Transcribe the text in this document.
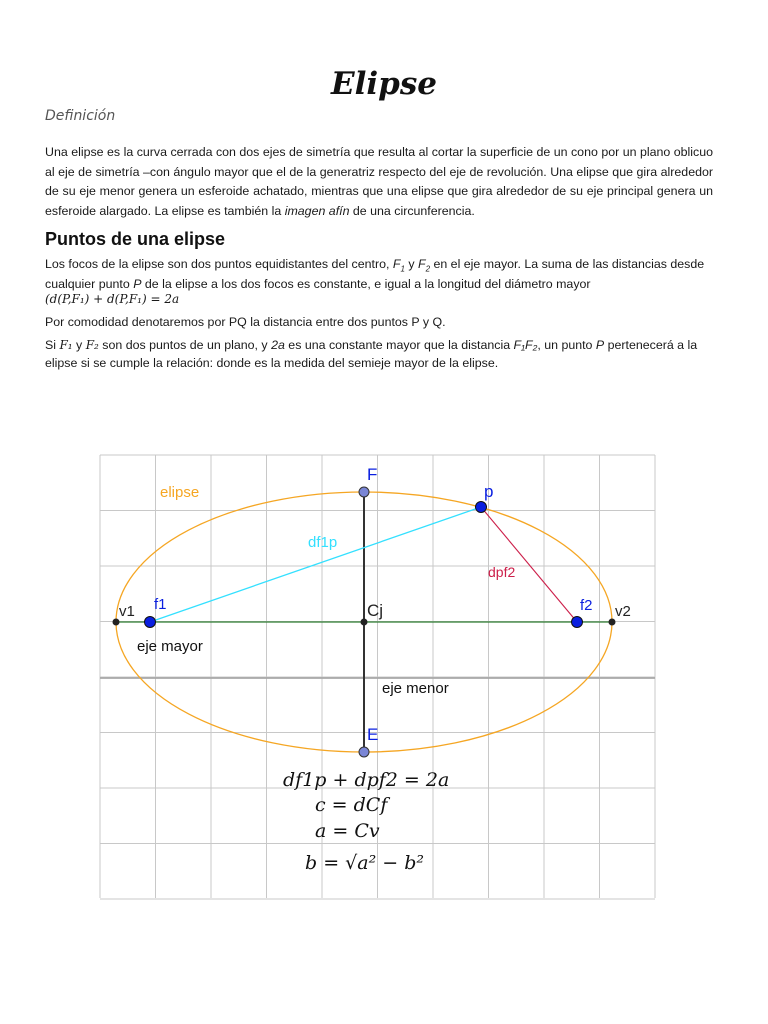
Elipse
Definición

Una elipse es la curva cerrada con dos ejes de simetría que resulta al cortar la superficie de un cono por un plano oblicuo al eje de simetría –con ángulo mayor que el de la generatriz respecto del eje de revolución. Una elipse que gira alrededor de su eje menor genera un esferoide achatado, mientras que una elipse que gira alrededor de su eje principal genera un esferoide alargado. La elipse es también la imagen afín de una circunferencia.

Puntos de una elipse

Los focos de la elipse son dos puntos equidistantes del centro, $F_1$ y $F_2$ en el eje mayor. La suma de las distancias desde cualquier punto P de la elipse a los dos focos es constante, e igual a la longitud del diámetro mayor
(d(P,F₁) + d(P,F₁) = 2a

Por comodidad denotaremos por PQ la distancia entre dos puntos P y Q.

Si F₁ y F₂ son dos puntos de un plano, y 2a es una constante mayor que la distancia F₁F₂, un punto P pertenecerá a la elipse si se cumple la relación: donde es la medida del semieje mayor de la elipse.

elipse
F
p
df1p
dpf2
v1 f1	Cj	f2 v2
eje mayor
eje menor
E
df1p + dpf2 = 2a
c = dCf
a = Cv
b = √a² − b²
